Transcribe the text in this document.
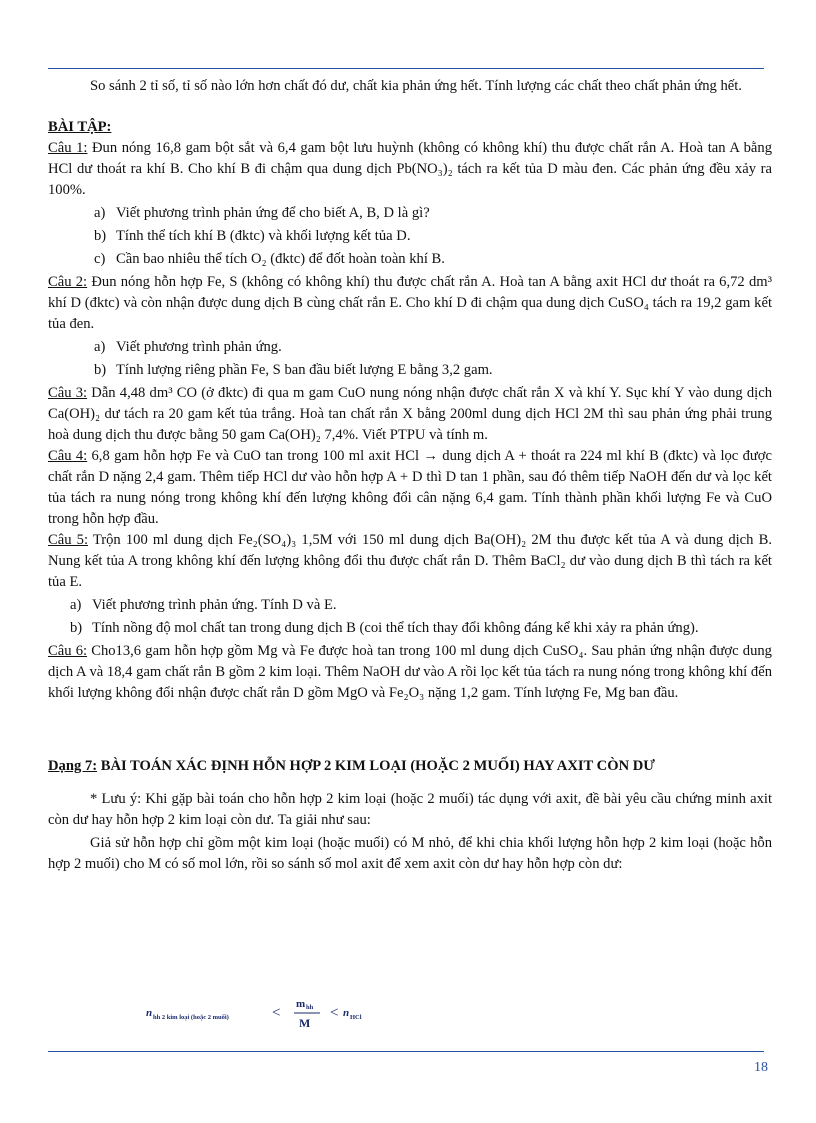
So sánh 2 tỉ số, tỉ số nào lớn hơn chất đó dư, chất kia phản ứng hết. Tính lượng các chất theo chất phản ứng hết.

BÀI TẬP:

Câu 1: Đun nóng 16,8 gam bột sắt và 6,4 gam bột lưu huỳnh (không có không khí) thu được chất rắn A. Hoà tan A bằng HCl dư thoát ra khí B. Cho khí B đi chậm qua dung dịch Pb(NO₃)₂ tách ra kết tủa D màu đen. Các phản ứng đều xảy ra 100%.

a) Viết phương trình phản ứng để cho biết A, B, D là gì?
b) Tính thể tích khí B (đktc) và khối lượng kết tủa D.
c) Cần bao nhiêu thể tích O₂ (đktc) để đốt hoàn toàn khí B.

Câu 2: Đun nóng hỗn hợp Fe, S (không có không khí) thu được chất rắn A. Hoà tan A bằng axit HCl dư thoát ra 6,72 dm³ khí D (đktc) và còn nhận được dung dịch B cùng chất rắn E. Cho khí D đi chậm qua dung dịch CuSO₄ tách ra 19,2 gam kết tủa đen.

a) Viết phương trình phản ứng.
b) Tính lượng riêng phần Fe, S ban đầu biết lượng E bằng 3,2 gam.

Câu 3: Dẫn 4,48 dm³ CO (ở đktc) đi qua m gam CuO nung nóng nhận được chất rắn X và khí Y. Sục khí Y vào dung dịch Ca(OH)₂ dư tách ra 20 gam kết tủa trắng. Hoà tan chất rắn X bằng 200ml dung dịch HCl 2M thì sau phản ứng phải trung hoà dung dịch thu được bằng 50 gam Ca(OH)₂ 7,4%. Viết PTPU và tính m.

Câu 4: 6,8 gam hỗn hợp Fe và CuO tan trong 100 ml axit HCl → dung dịch A + thoát ra 224 ml khí B (đktc) và lọc được chất rắn D nặng 2,4 gam. Thêm tiếp HCl dư vào hỗn hợp A + D thì D tan 1 phần, sau đó thêm tiếp NaOH đến dư và lọc kết tủa tách ra nung nóng trong không khí đến lượng không đổi cân nặng 6,4 gam. Tính thành phần khối lượng Fe và CuO trong hỗn hợp đầu.

Câu 5: Trộn 100 ml dung dịch Fe₂(SO₄)₃ 1,5M với 150 ml dung dịch Ba(OH)₂ 2M thu được kết tủa A và dung dịch B. Nung kết tủa A trong không khí đến lượng không đổi thu được chất rắn D. Thêm BaCl₂ dư vào dung dịch B thì tách ra kết tủa E.

a) Viết phương trình phản ứng. Tính D và E.
b) Tính nồng độ mol chất tan trong dung dịch B (coi thể tích thay đổi không đáng kể khi xảy ra phản ứng).

Câu 6: Cho13,6 gam hỗn hợp gồm Mg và Fe được hoà tan trong 100 ml dung dịch CuSO₄. Sau phản ứng nhận được dung dịch A và 18,4 gam chất rắn B gồm 2 kim loại. Thêm NaOH dư vào A rồi lọc kết tủa tách ra nung nóng trong không khí đến khối lượng không đổi nhận được chất rắn D gồm MgO và Fe₂O₃ nặng 1,2 gam. Tính lượng Fe, Mg ban đầu.

Dạng 7: BÀI TOÁN XÁC ĐỊNH HỖN HỢP 2 KIM LOẠI (HOẶC 2 MUỐI) HAY AXIT CÒN DƯ

* Lưu ý: Khi gặp bài toán cho hỗn hợp 2 kim loại (hoặc 2 muối) tác dụng với axit, đề bài yêu cầu chứng minh axit còn dư hay hỗn hợp 2 kim loại còn dư. Ta giải như sau:

Giả sử hỗn hợp chỉ gồm một kim loại (hoặc muối) có M nhỏ, để khi chia khối lượng hỗn hợp 2 kim loại (hoặc hỗn hợp 2 muối) cho M có số mol lớn, rồi so sánh số mol axit để xem axit còn dư hay hỗn hợp còn dư:

n hh 2 kim loại (hoặc 2 muối)	<
m hh
M
< n HCl
18
